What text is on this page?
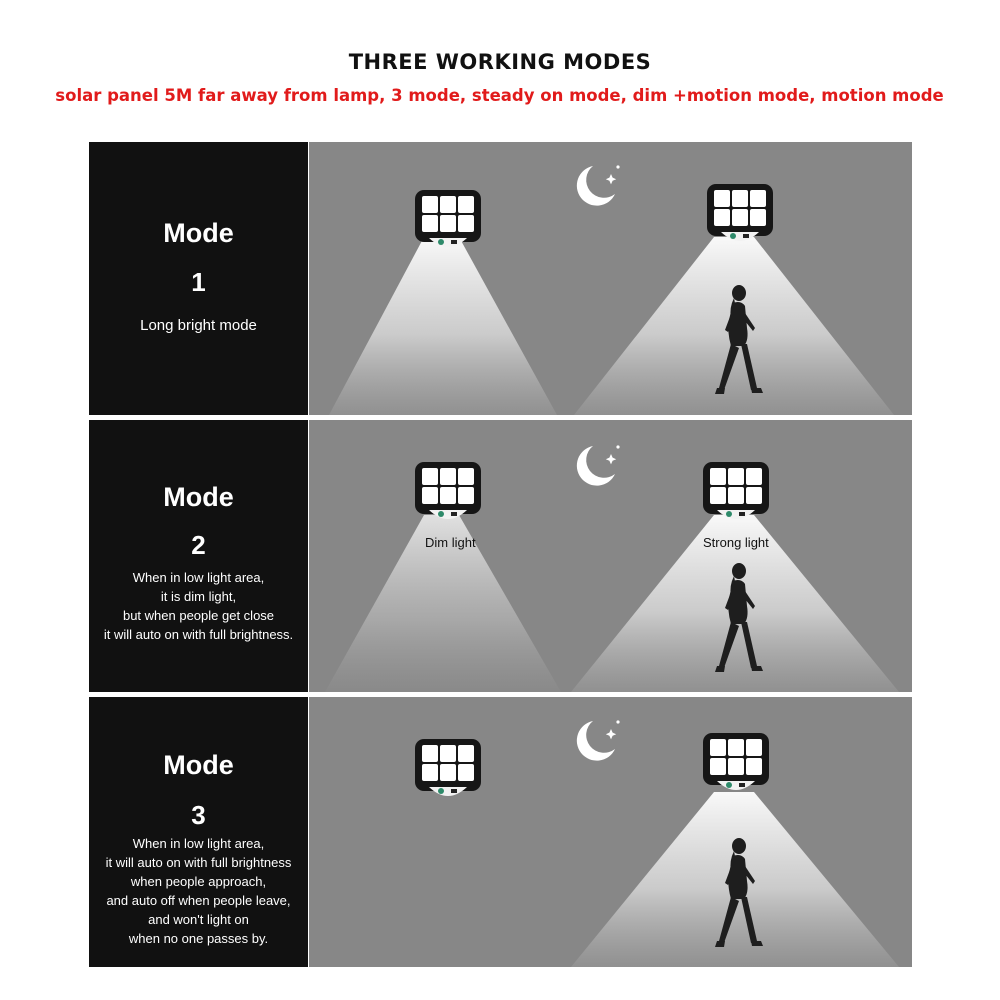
THREE WORKING MODES
solar panel 5M far away from lamp, 3 mode, steady on mode, dim +motion mode, motion mode
Mode
1
Long bright mode
Mode
2
When in low light area,
it is dim light,
but when people get close
it will auto on with full brightness.
Dim light	Strong light
Mode
3
When in low light area,
it will auto on with full brightness
when people approach,
and auto off when people leave,
and won't light on
when no one passes by.
